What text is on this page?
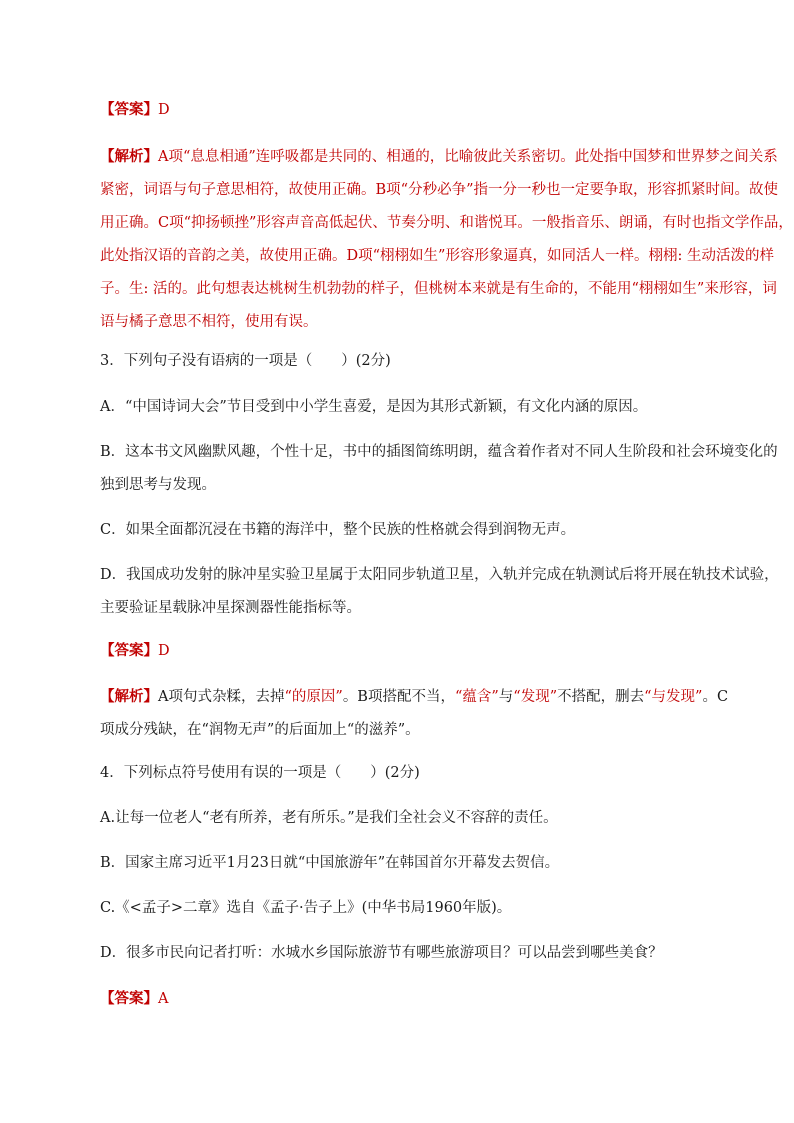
【答案】D
【解析】A项“息息相通”连呼吸都是共同的、相通的，比喻彼此关系密切。此处指中国梦和世界梦之间关系
紧密，词语与句子意思相符，故使用正确。B项“分秒必争”指一分一秒也一定要争取，形容抓紧时间。故使
用正确。C项“抑扬顿挫”形容声音高低起伏、节奏分明、和谐悦耳。一般指音乐、朗诵，有时也指文学作品，
此处指汉语的音韵之美，故使用正确。D项“栩栩如生”形容形象逼真，如同活人一样。栩栩: 生动活泼的样
子。生: 活的。此句想表达桃树生机勃勃的样子，但桃树本来就是有生命的，不能用“栩栩如生”来形容，词
语与橘子意思不相符，使用有误。
3．下列句子没有语病的一项是（　　）(2分)
A．“中国诗词大会”节目受到中小学生喜爱，是因为其形式新颖，有文化内涵的原因。
B．这本书文风幽默风趣，个性十足，书中的插图简练明朗，蕴含着作者对不同人生阶段和社会环境变化的
独到思考与发现。
C．如果全面都沉浸在书籍的海洋中，整个民族的性格就会得到润物无声。
D．我国成功发射的脉冲星实验卫星属于太阳同步轨道卫星，入轨并完成在轨测试后将开展在轨技术试验，
主要验证星载脉冲星探测器性能指标等。
【答案】D
【解析】A项句式杂糅，去掉“的原因”。B项搭配不当，“蕴含”与“发现”不搭配，删去“与发现”。C
项成分残缺，在“润物无声”的后面加上“的滋养”。
4．下列标点符号使用有误的一项是（　　）(2分)
A.让每一位老人“老有所养，老有所乐。”是我们全社会义不容辞的责任。
B．国家主席习近平1月23日就“中国旅游年”在韩国首尔开幕发去贺信。
C.《<孟子>二章》选自《孟子·告子上》(中华书局1960年版)。
D．很多市民向记者打听：水城水乡国际旅游节有哪些旅游项目？可以品尝到哪些美食？
【答案】A
